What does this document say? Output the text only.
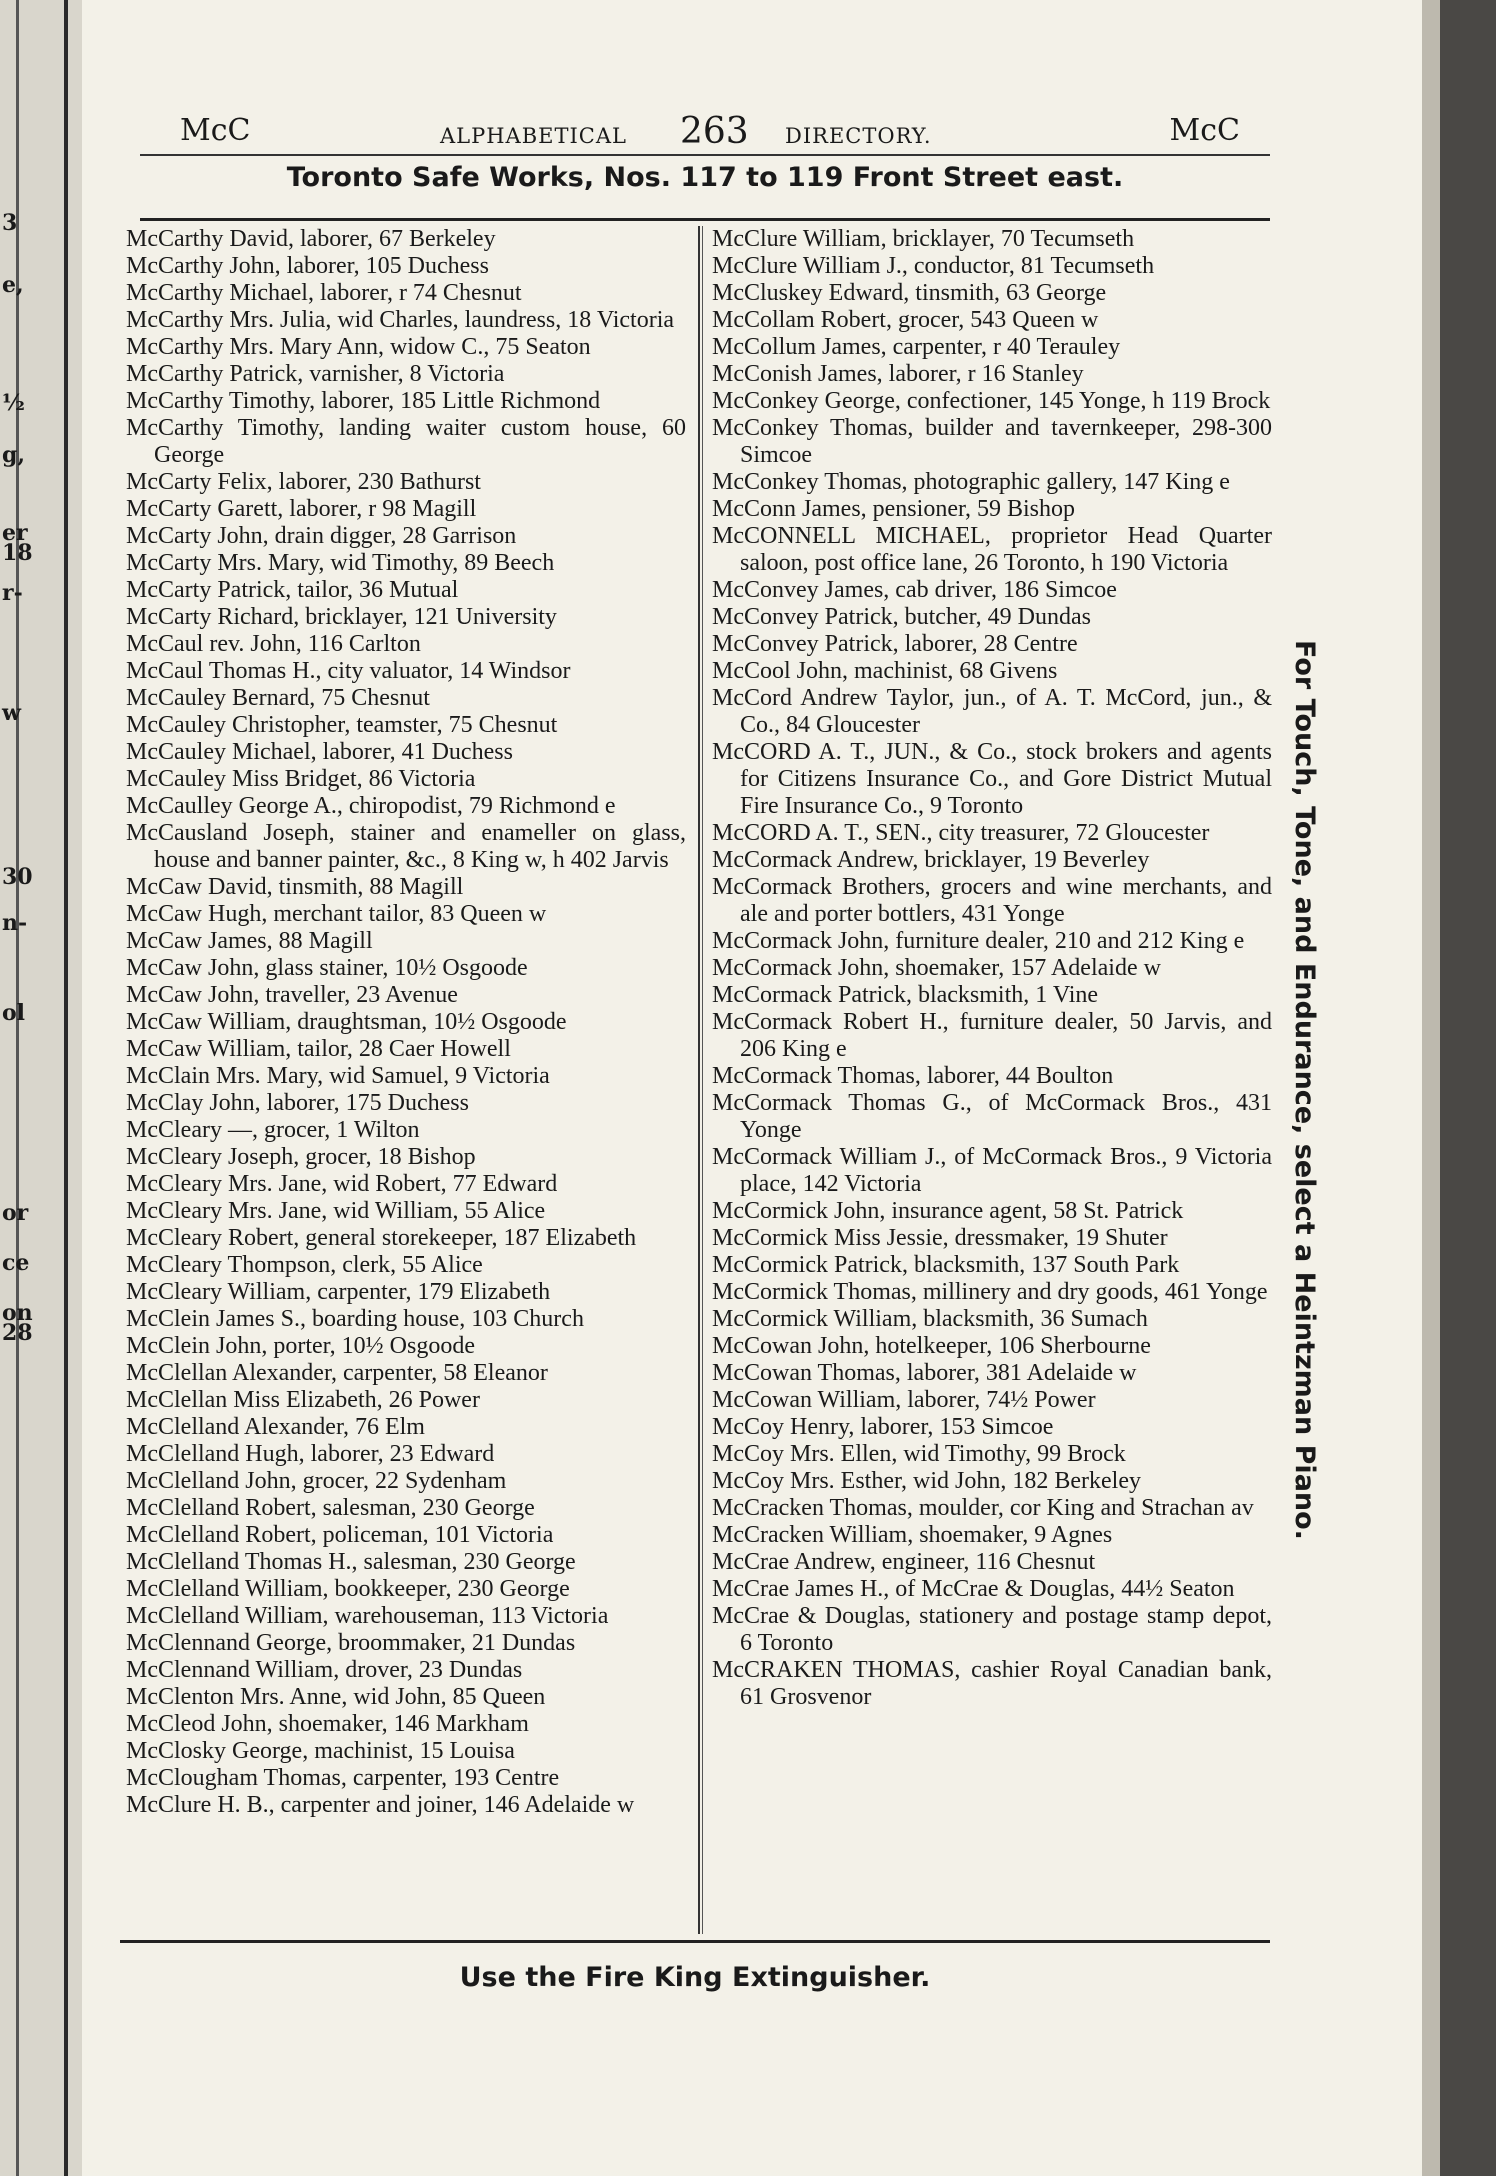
3
e,
½
g,
er
18
r-
w
30
n-
ol
or
ce
on
28
McC	ALPHABETICAL 263 DIRECTORY.	McC
Toronto Safe Works, Nos. 117 to 119 Front Street east.

McCarthy David, laborer, 67 Berkeley

McCarthy John, laborer, 105 Duchess

McCarthy Michael, laborer, r 74 Chesnut

McCarthy Mrs. Julia, wid Charles, laundress, 18 Victoria

McCarthy Mrs. Mary Ann, widow C., 75 Seaton

McCarthy Patrick, varnisher, 8 Victoria

McCarthy Timothy, laborer, 185 Little Richmond

McCarthy Timothy, landing waiter custom house, 60 George

McCarty Felix, laborer, 230 Bathurst

McCarty Garett, laborer, r 98 Magill

McCarty John, drain digger, 28 Garrison

McCarty Mrs. Mary, wid Timothy, 89 Beech

McCarty Patrick, tailor, 36 Mutual

McCarty Richard, bricklayer, 121 University

McCaul rev. John, 116 Carlton

McCaul Thomas H., city valuator, 14 Windsor

McCauley Bernard, 75 Chesnut

McCauley Christopher, teamster, 75 Chesnut

McCauley Michael, laborer, 41 Duchess

McCauley Miss Bridget, 86 Victoria

McCaulley George A., chiropodist, 79 Richmond e

McCausland Joseph, stainer and enameller on glass, house and banner painter, &c., 8 King w, h 402 Jarvis

McCaw David, tinsmith, 88 Magill

McCaw Hugh, merchant tailor, 83 Queen w

McCaw James, 88 Magill

McCaw John, glass stainer, 10½ Osgoode

McCaw John, traveller, 23 Avenue

McCaw William, draughtsman, 10½ Osgoode

McCaw William, tailor, 28 Caer Howell

McClain Mrs. Mary, wid Samuel, 9 Victoria

McClay John, laborer, 175 Duchess

McCleary —, grocer, 1 Wilton

McCleary Joseph, grocer, 18 Bishop

McCleary Mrs. Jane, wid Robert, 77 Edward

McCleary Mrs. Jane, wid William, 55 Alice

McCleary Robert, general storekeeper, 187 Elizabeth

McCleary Thompson, clerk, 55 Alice

McCleary William, carpenter, 179 Elizabeth

McClein James S., boarding house, 103 Church

McClein John, porter, 10½ Osgoode

McClellan Alexander, carpenter, 58 Eleanor

McClellan Miss Elizabeth, 26 Power

McClelland Alexander, 76 Elm

McClelland Hugh, laborer, 23 Edward

McClelland John, grocer, 22 Sydenham

McClelland Robert, salesman, 230 George

McClelland Robert, policeman, 101 Victoria

McClelland Thomas H., salesman, 230 George

McClelland William, bookkeeper, 230 George

McClelland William, warehouseman, 113 Victoria

McClennand George, broommaker, 21 Dundas

McClennand William, drover, 23 Dundas

McClenton Mrs. Anne, wid John, 85 Queen

McCleod John, shoemaker, 146 Markham

McClosky George, machinist, 15 Louisa

McClougham Thomas, carpenter, 193 Centre

McClure H. B., carpenter and joiner, 146 Adelaide w

McClure William, bricklayer, 70 Tecumseth

McClure William J., conductor, 81 Tecumseth

McCluskey Edward, tinsmith, 63 George

McCollam Robert, grocer, 543 Queen w

McCollum James, carpenter, r 40 Terauley

McConish James, laborer, r 16 Stanley

McConkey George, confectioner, 145 Yonge, h 119 Brock

McConkey Thomas, builder and tavernkeeper, 298-300 Simcoe

McConkey Thomas, photographic gallery, 147 King e

McConn James, pensioner, 59 Bishop

McCONNELL MICHAEL, proprietor Head Quarter saloon, post office lane, 26 Toronto, h 190 Victoria

McConvey James, cab driver, 186 Simcoe

McConvey Patrick, butcher, 49 Dundas

McConvey Patrick, laborer, 28 Centre

McCool John, machinist, 68 Givens

McCord Andrew Taylor, jun., of A. T. McCord, jun., & Co., 84 Gloucester

McCORD A. T., JUN., & Co., stock brokers and agents for Citizens Insurance Co., and Gore District Mutual Fire Insurance Co., 9 Toronto

McCORD A. T., SEN., city treasurer, 72 Gloucester

McCormack Andrew, bricklayer, 19 Beverley

McCormack Brothers, grocers and wine merchants, and ale and porter bottlers, 431 Yonge

McCormack John, furniture dealer, 210 and 212 King e

McCormack John, shoemaker, 157 Adelaide w

McCormack Patrick, blacksmith, 1 Vine

McCormack Robert H., furniture dealer, 50 Jarvis, and 206 King e

McCormack Thomas, laborer, 44 Boulton

McCormack Thomas G., of McCormack Bros., 431 Yonge

McCormack William J., of McCormack Bros., 9 Victoria place, 142 Victoria

McCormick John, insurance agent, 58 St. Patrick

McCormick Miss Jessie, dressmaker, 19 Shuter

McCormick Patrick, blacksmith, 137 South Park

McCormick Thomas, millinery and dry goods, 461 Yonge

McCormick William, blacksmith, 36 Sumach

McCowan John, hotelkeeper, 106 Sherbourne

McCowan Thomas, laborer, 381 Adelaide w

McCowan William, laborer, 74½ Power

McCoy Henry, laborer, 153 Simcoe

McCoy Mrs. Ellen, wid Timothy, 99 Brock

McCoy Mrs. Esther, wid John, 182 Berkeley

McCracken Thomas, moulder, cor King and Strachan av

McCracken William, shoemaker, 9 Agnes

McCrae Andrew, engineer, 116 Chesnut

McCrae James H., of McCrae & Douglas, 44½ Seaton

McCrae & Douglas, stationery and postage stamp depot, 6 Toronto

McCRAKEN THOMAS, cashier Royal Canadian bank, 61 Grosvenor

For Touch, Tone, and Endurance, select a Heintzman Piano.
Use the Fire King Extinguisher.
